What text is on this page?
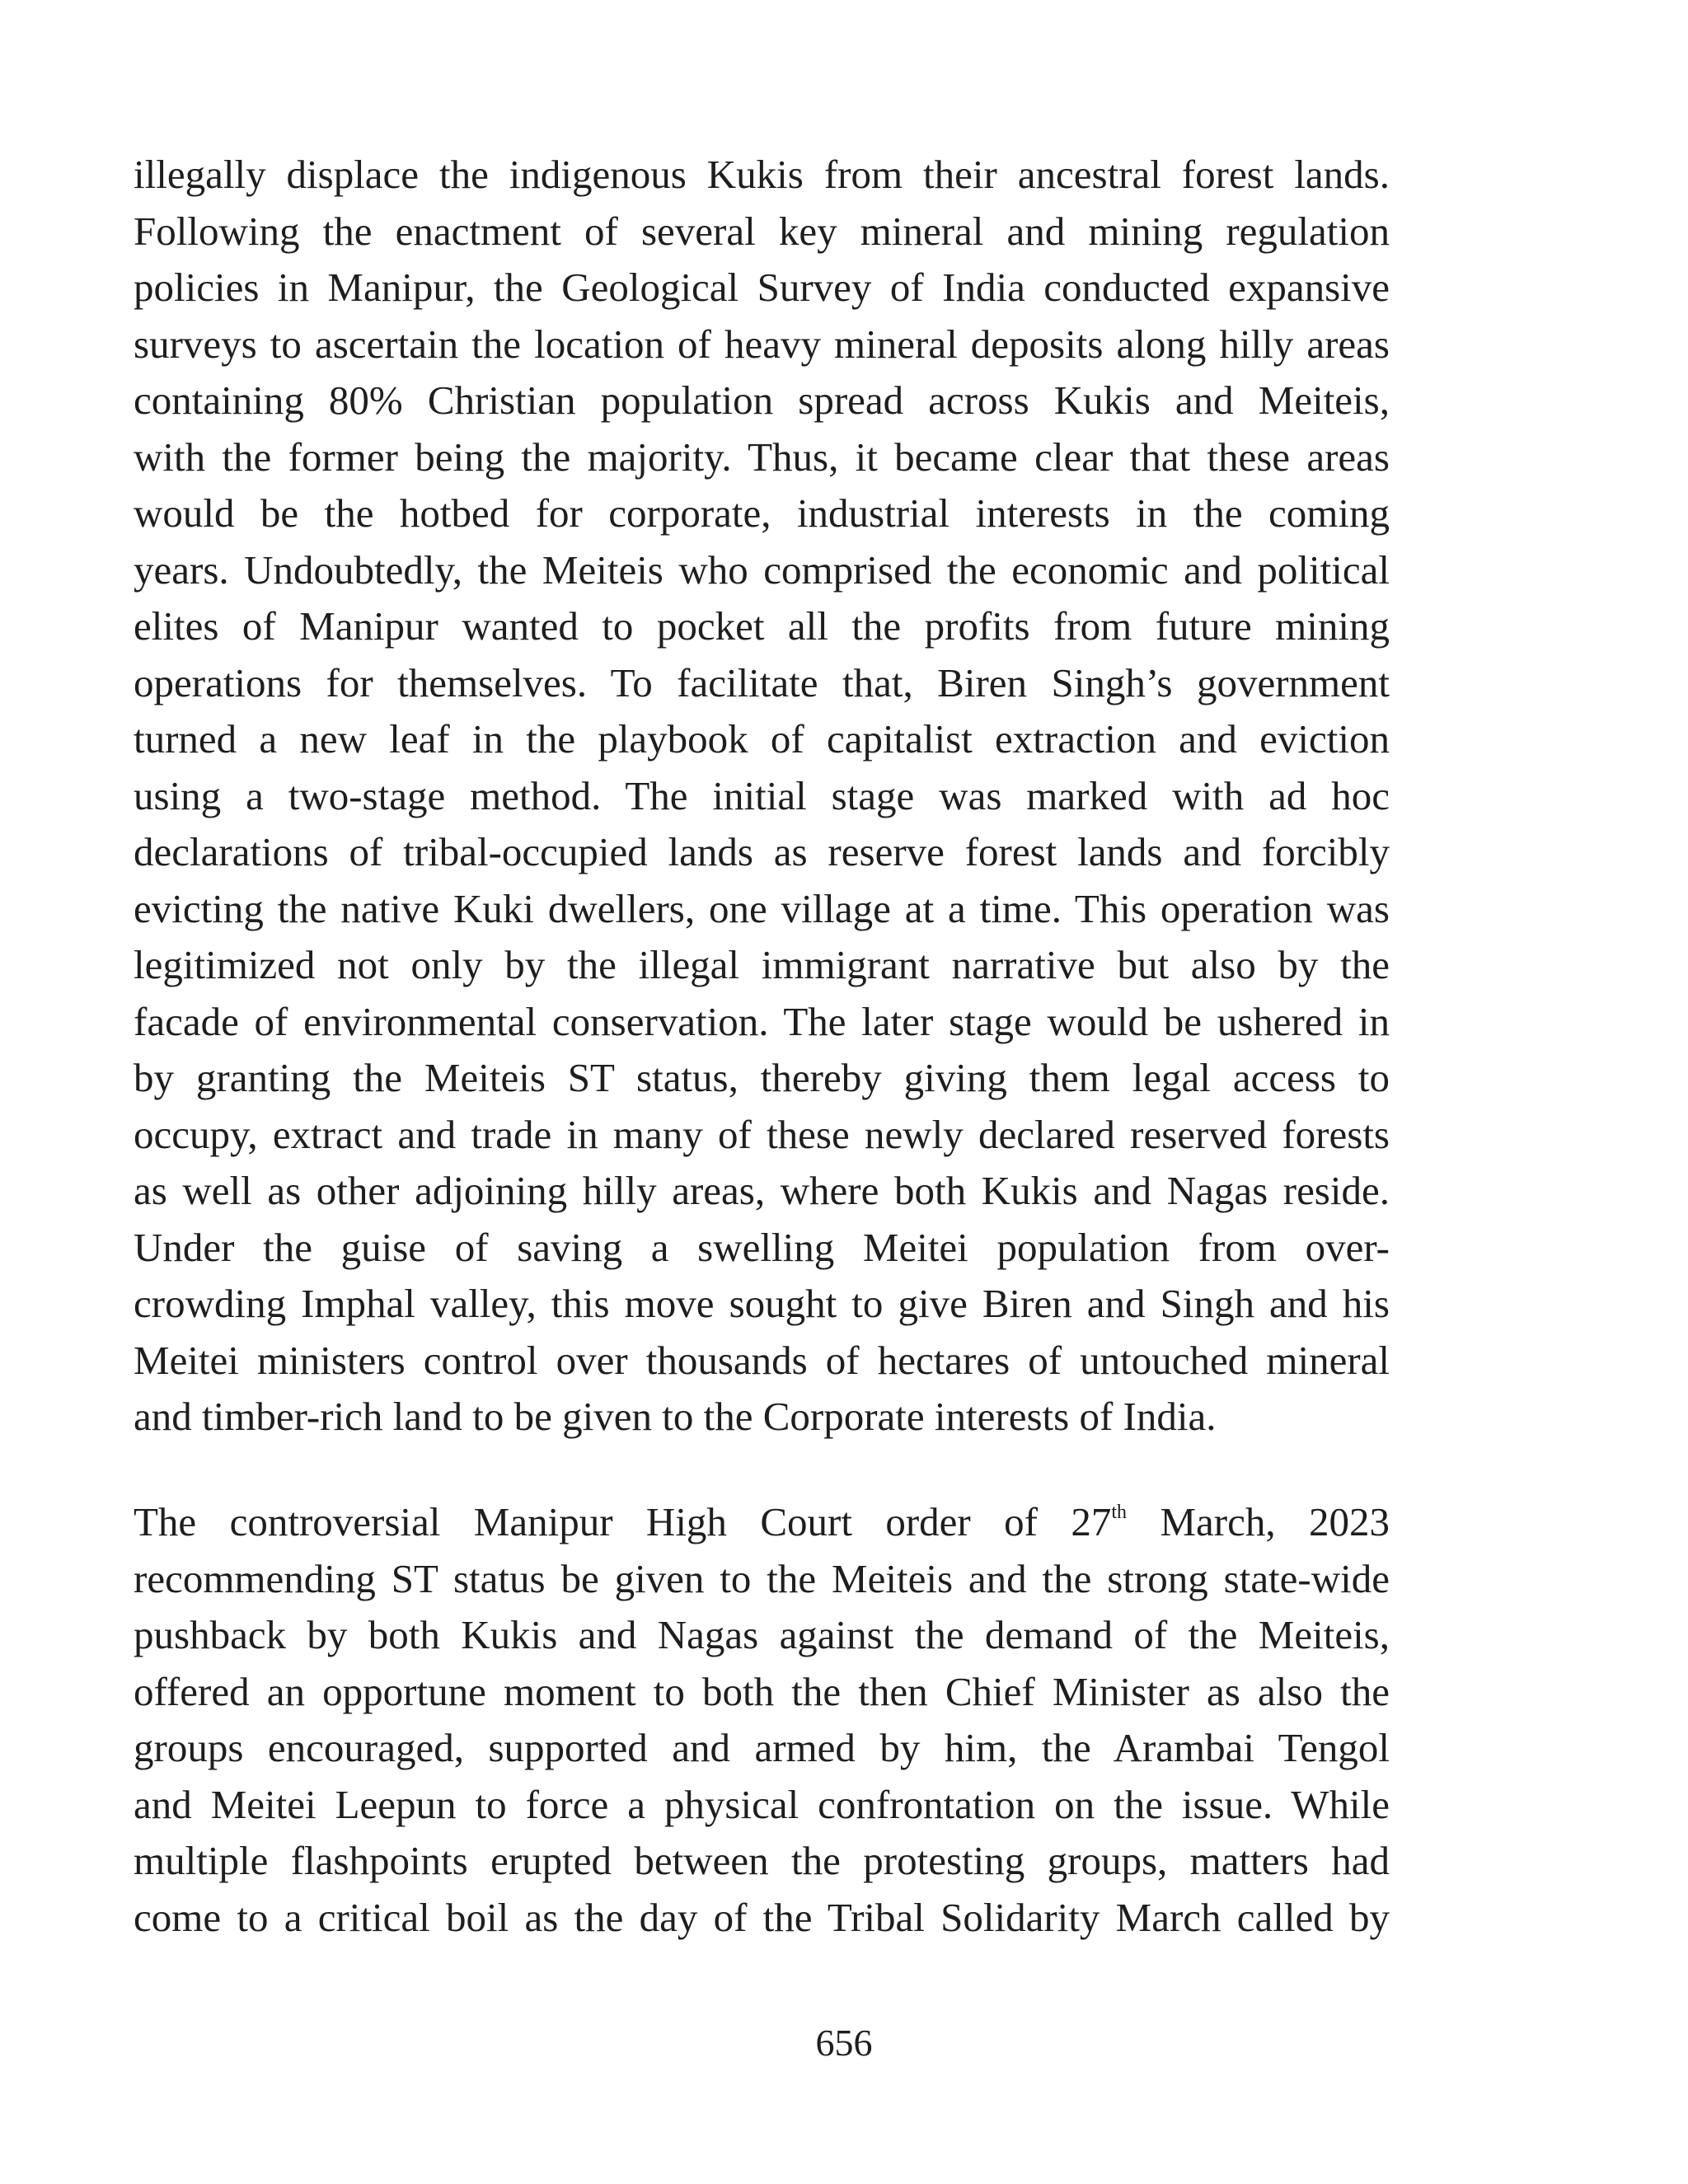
illegally displace the indigenous Kukis from their ancestral forest lands.
Following the enactment of several key mineral and mining regulation
policies in Manipur, the Geological Survey of India conducted expansive
surveys to ascertain the location of heavy mineral deposits along hilly areas
containing 80% Christian population spread across Kukis and Meiteis,
with the former being the majority. Thus, it became clear that these areas
would be the hotbed for corporate, industrial interests in the coming
years. Undoubtedly, the Meiteis who comprised the economic and political
elites of Manipur wanted to pocket all the profits from future mining
operations for themselves. To facilitate that, Biren Singh’s government
turned a new leaf in the playbook of capitalist extraction and eviction
using a two-stage method. The initial stage was marked with ad hoc
declarations of tribal-occupied lands as reserve forest lands and forcibly
evicting the native Kuki dwellers, one village at a time. This operation was
legitimized not only by the illegal immigrant narrative but also by the
facade of environmental conservation. The later stage would be ushered in
by granting the Meiteis ST status, thereby giving them legal access to
occupy, extract and trade in many of these newly declared reserved forests
as well as other adjoining hilly areas, where both Kukis and Nagas reside.
Under the guise of saving a swelling Meitei population from over-
crowding Imphal valley, this move sought to give Biren and Singh and his
Meitei ministers control over thousands of hectares of untouched mineral
and timber-rich land to be given to the Corporate interests of India.
The controversial Manipur High Court order of 27th March, 2023
recommending ST status be given to the Meiteis and the strong state-wide
pushback by both Kukis and Nagas against the demand of the Meiteis,
offered an opportune moment to both the then Chief Minister as also the
groups encouraged, supported and armed by him, the Arambai Tengol
and Meitei Leepun to force a physical confrontation on the issue. While
multiple flashpoints erupted between the protesting groups, matters had
come to a critical boil as the day of the Tribal Solidarity March called by
656
